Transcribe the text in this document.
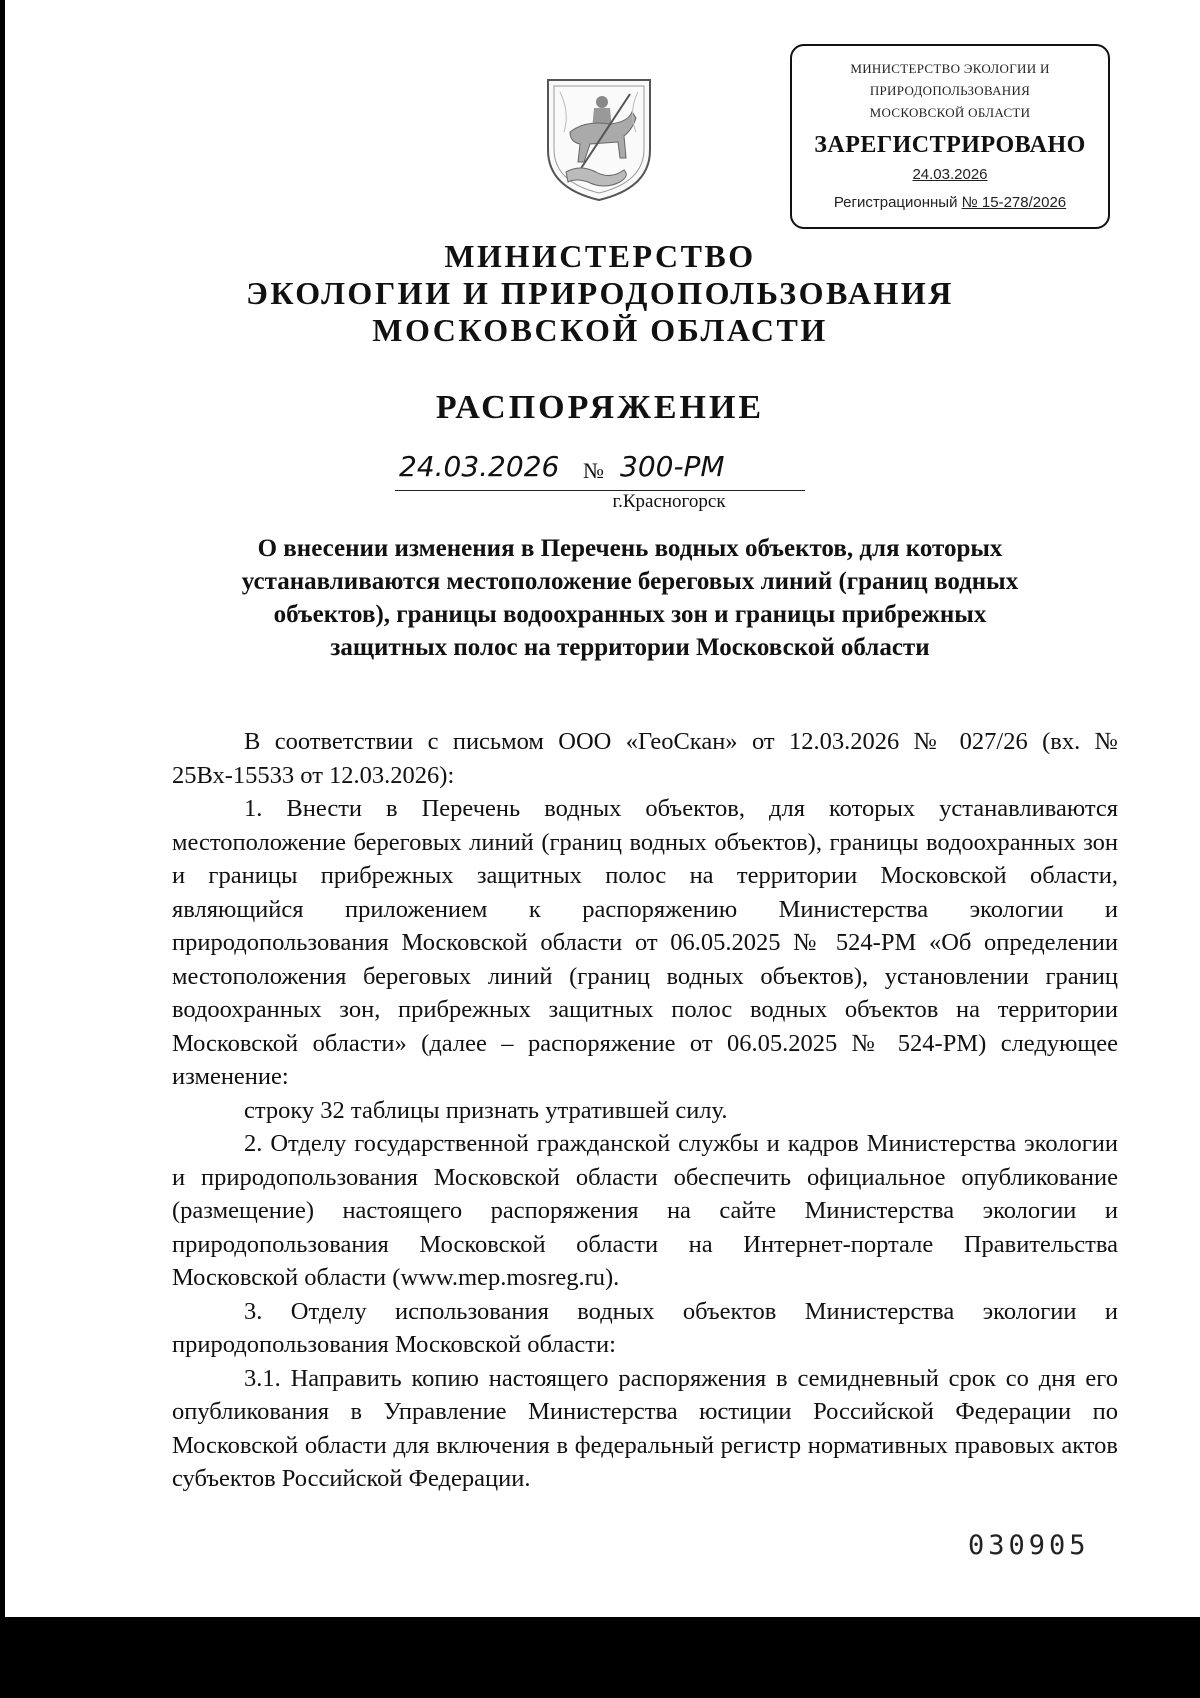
МИНИСТЕРСТВО ЭКОЛОГИИ И
ПРИРОДОПОЛЬЗОВАНИЯ
МОСКОВСКОЙ ОБЛАСТИ
ЗАРЕГИСТРИРОВАНО
24.03.2026
Регистрационный № 15-278/2026
МИНИСТЕРСТВО
ЭКОЛОГИИ И ПРИРОДОПОЛЬЗОВАНИЯ
МОСКОВСКОЙ ОБЛАСТИ
РАСПОРЯЖЕНИЕ
24.03.2026 № 300-РМ
г.Красногорск
О внесении изменения в Перечень водных объектов, для которых
устанавливаются местоположение береговых линий (границ водных
объектов), границы водоохранных зон и границы прибрежных
защитных полос на территории Московской области

В соответствии с письмом ООО «ГеоСкан» от 12.03.2026 № 027/26 (вх. № 25Вх-15533 от 12.03.2026):

1. Внести в Перечень водных объектов, для которых устанавливаются местоположение береговых линий (границ водных объектов), границы водоохранных зон и границы прибрежных защитных полос на территории Московской области, являющийся приложением к распоряжению Министерства экологии и природопользования Московской области от 06.05.2025 № 524-РМ «Об определении местоположения береговых линий (границ водных объектов), установлении границ водоохранных зон, прибрежных защитных полос водных объектов на территории Московской области» (далее – распоряжение от 06.05.2025 № 524-РМ) следующее изменение:

строку 32 таблицы признать утратившей силу.

2. Отделу государственной гражданской службы и кадров Министерства экологии и природопользования Московской области обеспечить официальное опубликование (размещение) настоящего распоряжения на сайте Министерства экологии и природопользования Московской области на Интернет-портале Правительства Московской области (www.mep.mosreg.ru).

3. Отделу использования водных объектов Министерства экологии и природопользования Московской области:

3.1. Направить копию настоящего распоряжения в семидневный срок со дня его опубликования в Управление Министерства юстиции Российской Федерации по Московской области для включения в федеральный регистр нормативных правовых актов субъектов Российской Федерации.

030905
